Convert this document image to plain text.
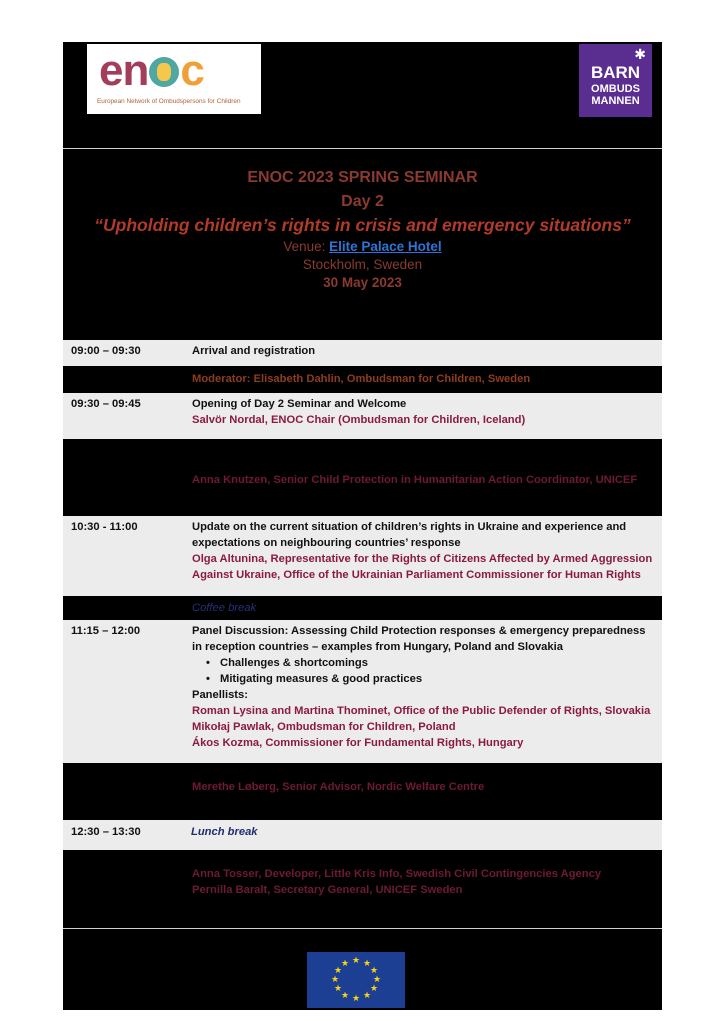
en c
European Network of Ombudspersons for Children
✱
BARN
OMBUDS
MANNEN
ENOC 2023 SPRING SEMINAR
Day 2
“Upholding children’s rights in crisis and emergency situations”
Venue: Elite Palace Hotel
Stockholm, Sweden
30 May 2023
09:00 – 09:30	Arrival and registration
Moderator: Elisabeth Dahlin, Ombudsman for Children, Sweden
09:30 – 09:45	Opening of Day 2 Seminar and Welcome
Salvör Nordal, ENOC Chair (Ombudsman for Children, Iceland)
Anna Knutzen, Senior Child Protection in Humanitarian Action Coordinator, UNICEF
10:30 - 11:00	Update on the current situation of children’s rights in Ukraine and experience and expectations on neighbouring countries’ response
Olga Altunina, Representative for the Rights of Citizens Affected by Armed Aggression Against Ukraine, Office of the Ukrainian Parliament Commissioner for Human Rights
Coffee break
11:15 – 12:00	Panel Discussion: Assessing Child Protection responses & emergency preparedness in reception countries – examples from Hungary, Poland and Slovakia
• Challenges & shortcomings
• Mitigating measures & good practices
Panellists:
Roman Lysina and Martina Thominet, Office of the Public Defender of Rights, Slovakia
Mikołaj Pawlak, Ombudsman for Children, Poland
Ákos Kozma, Commissioner for Fundamental Rights, Hungary
Merethe Løberg, Senior Advisor, Nordic Welfare Centre
12:30 – 13:30	Lunch break
Anna Tosser, Developer, Little Kris Info, Swedish Civil Contingencies Agency
Pernilla Baralt, Secretary General, UNICEF Sweden
★ ★
★
★
★
★
★
★
★
★
★
★
